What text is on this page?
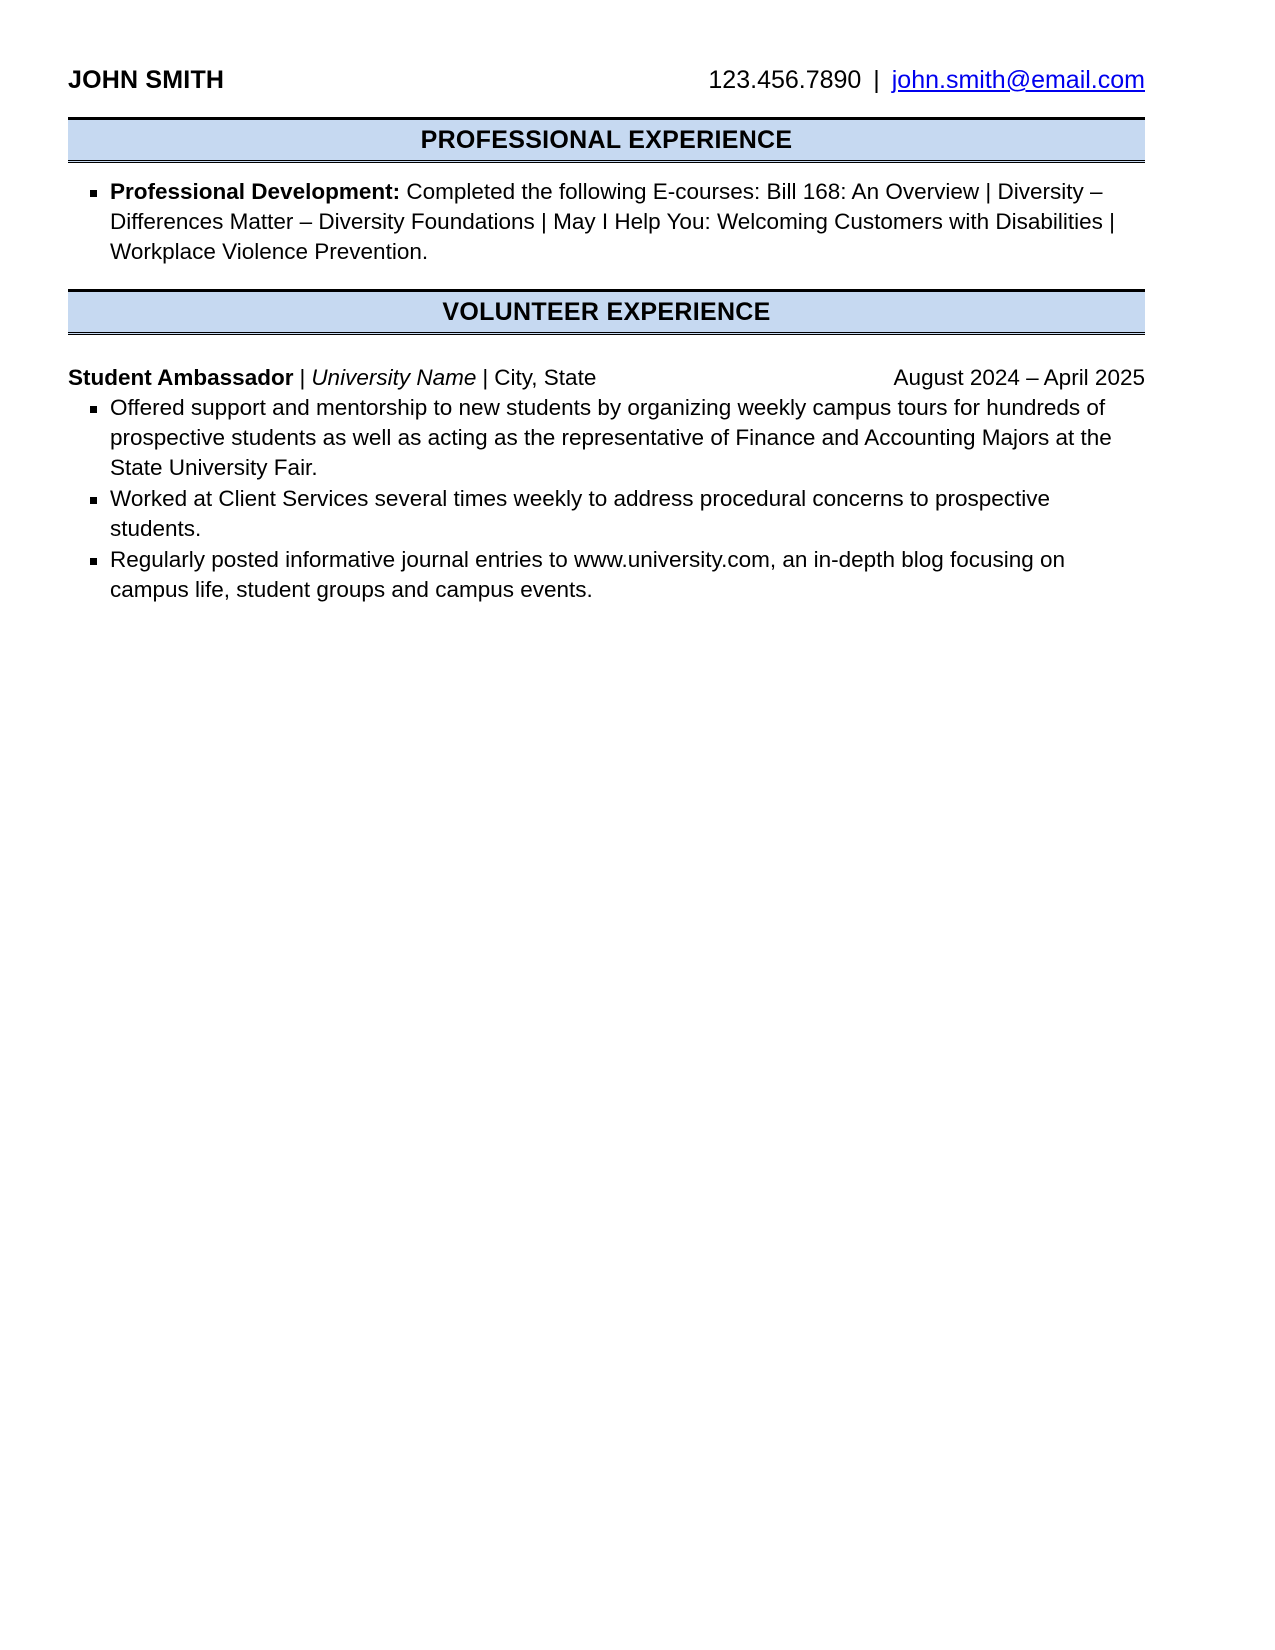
JOHN SMITH	123.456.7890 | john.smith@email.com
PROFESSIONAL EXPERIENCE
Professional Development: Completed the following E-courses: Bill 168: An Overview | Diversity – Differences Matter – Diversity Foundations | May I Help You: Welcoming Customers with Disabilities | Workplace Violence Prevention.
VOLUNTEER EXPERIENCE
Student Ambassador | University Name | City, State	August 2024 – April 2025
Offered support and mentorship to new students by organizing weekly campus tours for hundreds of prospective students as well as acting as the representative of Finance and Accounting Majors at the State University Fair.
Worked at Client Services several times weekly to address procedural concerns to prospective students.
Regularly posted informative journal entries to www.university.com, an in-depth blog focusing on campus life, student groups and campus events.
